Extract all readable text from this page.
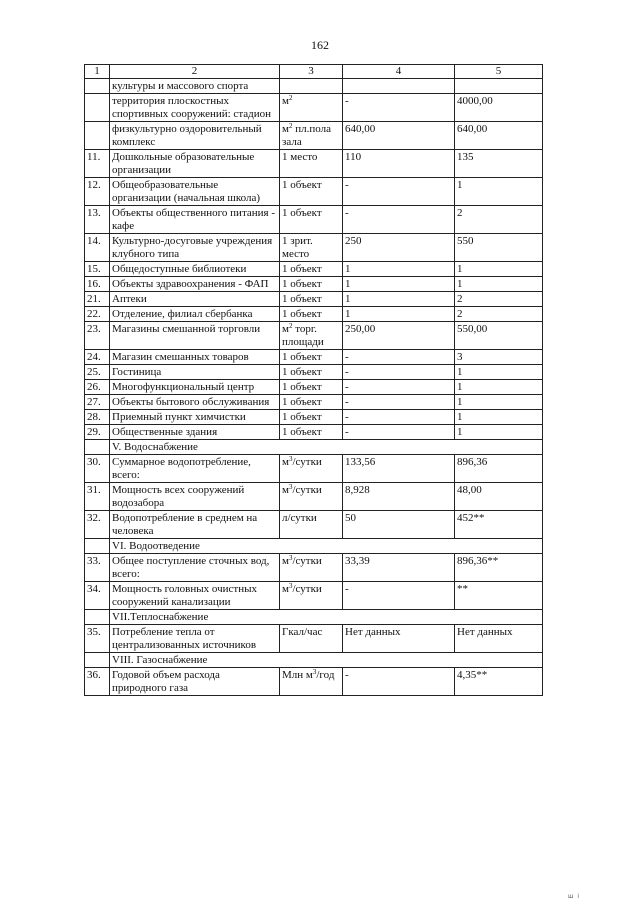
162
1	2	3	4	5
	культуры и массового спорта			
	территория плоскостных спортивных сооружений: стадион	$м^2$	-	4000,00
	физкультурно оздоровительный комплекс	$м^2$ пл.пола зала	640,00	640,00
11.	Дошкольные образовательные организации	1 место	110	135
12.	Общеобразовательные организации (начальная школа)	1 объект	-	1
13.	Объекты общественного питания - кафе	1 объект	-	2
14.	Культурно-досуговые учреждения клубного типа	1 зрит. место	250	550
15.	Общедоступные библиотеки	1 объект	1	1
16.	Объекты здравоохранения - ФАП	1 объект	1	1
21.	Аптеки	1 объект	1	2
22.	Отделение, филиал сбербанка	1 объект	1	2
23.	Магазины смешанной торговли	$м^2$ торг. площади	250,00	550,00
24.	Магазин смешанных товаров	1 объект	-	3
25.	Гостиница	1 объект	-	1
26.	Многофункциональный центр	1 объект	-	1
27.	Объекты бытового обслуживания	1 объект	-	1
28.	Приемный пункт химчистки	1 объект	-	1
29.	Общественные здания	1 объект	-	1
	V. Водоснабжение			
30.	Суммарное водопотребление, всего:	$м^3$/сутки	133,56	896,36
31.	Мощность всех сооружений водозабора	$м^3$/сутки	8,928	48,00
32.	Водопотребление в среднем на человека	л/сутки	50	452**
	VI. Водоотведение			
33.	Общее поступление сточных вод, всего:	$м^3$/сутки	33,39	896,36**
34.	Мощность головных очистных сооружений канализации	$м^3$/сутки	-	**
	VII.Теплоснабжение			
35.	Потребление тепла от централизованных источников	Гкал/час	Нет данных	Нет данных
	VIII. Газоснабжение			
36.	Годовой объем расхода природного газа	Млн $м^3$/год	-	4,35**
ш і
